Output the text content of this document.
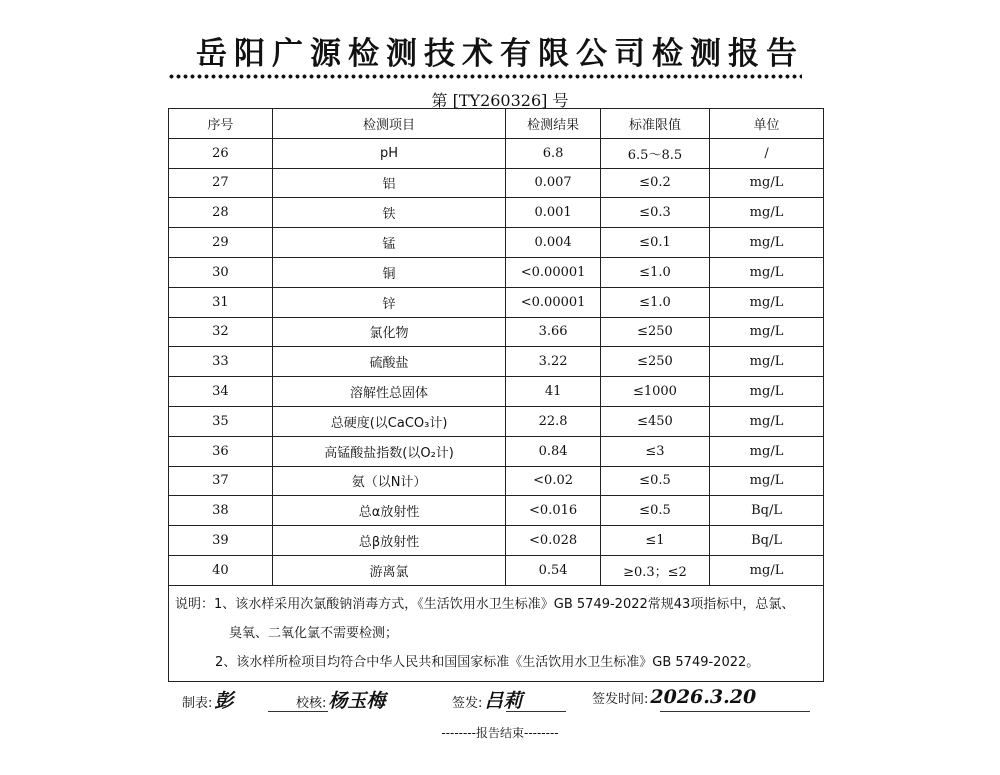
岳阳广源检测技术有限公司检测报告
第 [TY260326] 号
序号	检测项目	检测结果	标准限值	单位
26	pH	6.8	6.5～8.5	/
27	铝	0.007	≤0.2	mg/L
28	铁	0.001	≤0.3	mg/L
29	锰	0.004	≤0.1	mg/L
30	铜	<0.00001	≤1.0	mg/L
31	锌	<0.00001	≤1.0	mg/L
32	氯化物	3.66	≤250	mg/L
33	硫酸盐	3.22	≤250	mg/L
34	溶解性总固体	41	≤1000	mg/L
35	总硬度(以CaCO₃计)	22.8	≤450	mg/L
36	高锰酸盐指数(以O₂计)	0.84	≤3	mg/L
37	氨（以N计）	<0.02	≤0.5	mg/L
38	总α放射性	<0.016	≤0.5	Bq/L
39	总β放射性	<0.028	≤1	Bq/L
40	游离氯	0.54	≥0.3；≤2	mg/L
说明：1、该水样采用次氯酸钠消毒方式，《生活饮用水卫生标准》GB 5749-2022常规43项指标中，总氯、
臭氧、二氧化氯不需要检测；
2、该水样所检项目均符合中华人民共和国国家标准《生活饮用水卫生标准》GB 5749-2022。				
制表: 彭	校核: 杨玉梅	签发: 吕莉	签发时间: 2026.3.20
--------报告结束--------
